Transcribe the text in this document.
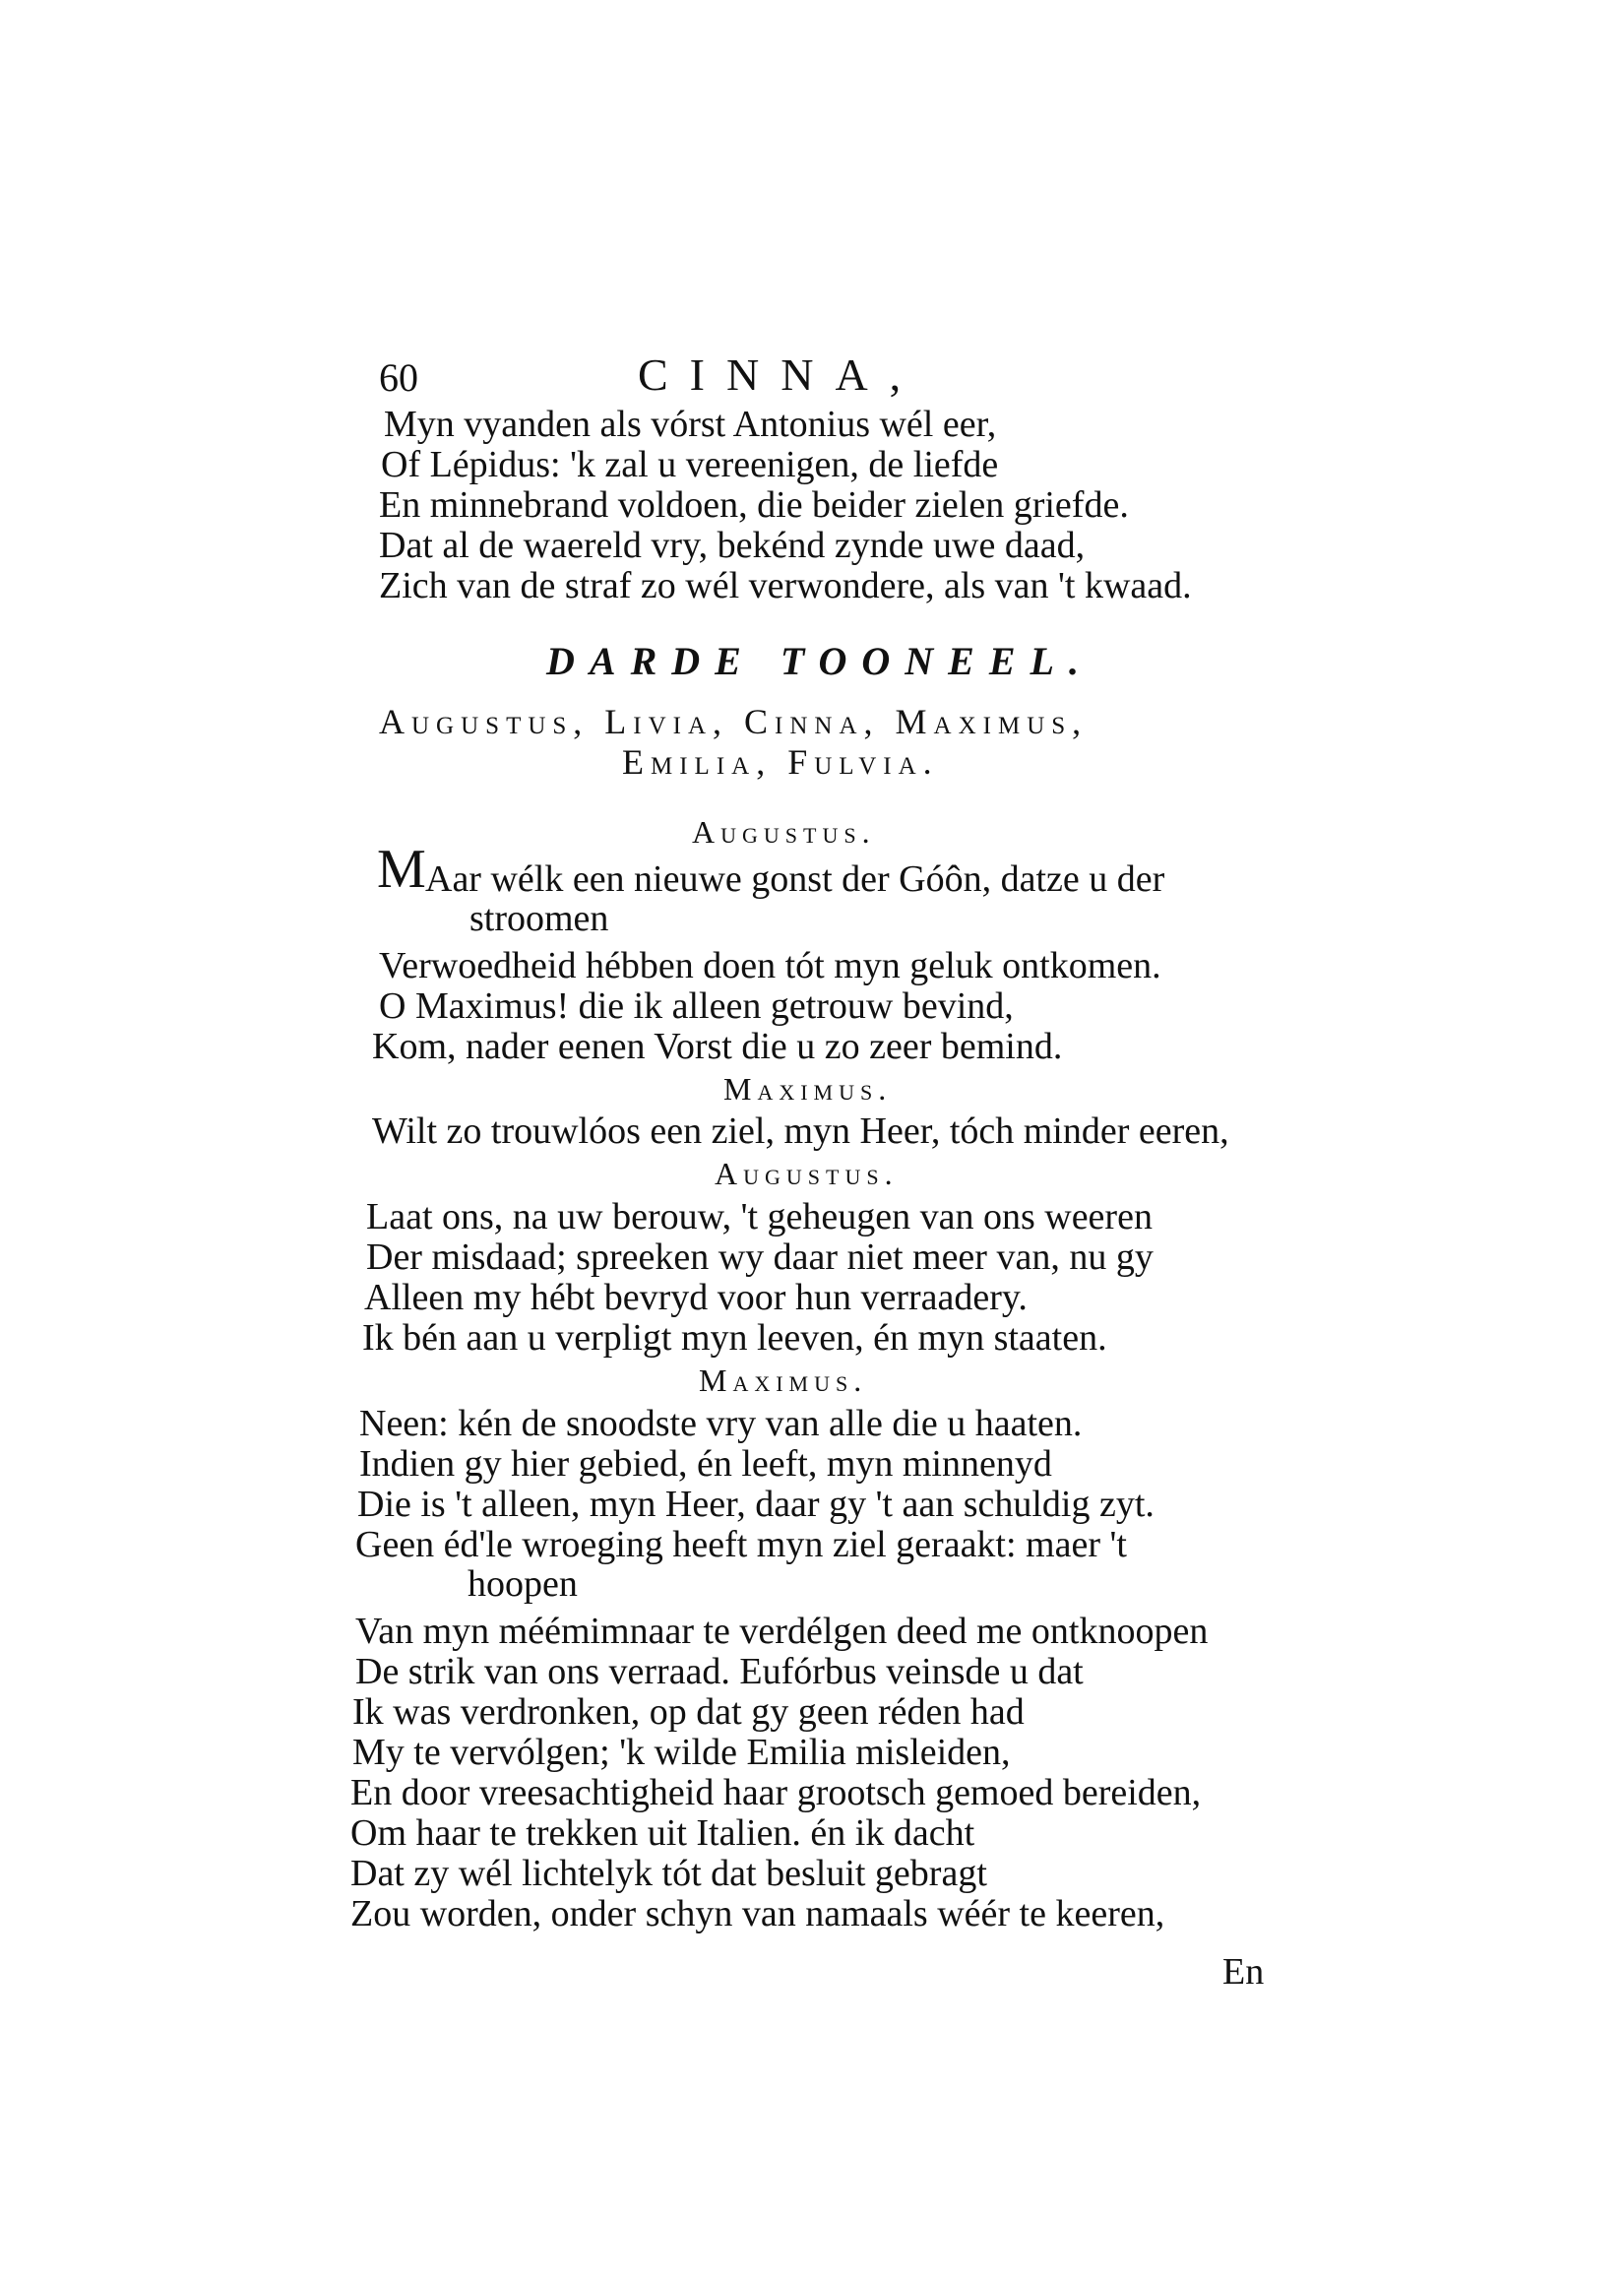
60	CINNA,
Myn vyanden als vórst Antonius wél eer,
Of Lépidus: 'k zal u vereenigen, de liefde
En minnebrand voldoen, die beider zielen griefde.
Dat al de waereld vry, bekénd zynde uwe daad,
Zich van de straf zo wél verwondere, als van 't kwaad.
DARDE TOONEEL.
Augustus, Livia, Cinna, Maximus,
Emilia, Fulvia.
Augustus.
M Aar wélk een nieuwe gonst der Góôn, datze u der
stroomen
Verwoedheid hébben doen tót myn geluk ontkomen.
O Maximus! die ik alleen getrouw bevind,
Kom, nader eenen Vorst die u zo zeer bemind.
Maximus.
Wilt zo trouwlóos een ziel, myn Heer, tóch minder eeren,
Augustus.
Laat ons, na uw berouw, 't geheugen van ons weeren
Der misdaad; spreeken wy daar niet meer van, nu gy
Alleen my hébt bevryd voor hun verraadery.
Ik bén aan u verpligt myn leeven, én myn staaten.
Maximus.
Neen: kén de snoodste vry van alle die u haaten.
Indien gy hier gebied, én leeft, myn minnenyd
Die is 't alleen, myn Heer, daar gy 't aan schuldig zyt.
Geen éd'le wroeging heeft myn ziel geraakt: maer 't
hoopen
Van myn méémimnaar te verdélgen deed me ontknoopen
De strik van ons verraad. Eufórbus veinsde u dat
Ik was verdronken, op dat gy geen réden had
My te vervólgen; 'k wilde Emilia misleiden,
En door vreesachtigheid haar grootsch gemoed bereiden,
Om haar te trekken uit Italien. én ik dacht
Dat zy wél lichtelyk tót dat besluit gebragt
Zou worden, onder schyn van namaals wéér te keeren,
En
